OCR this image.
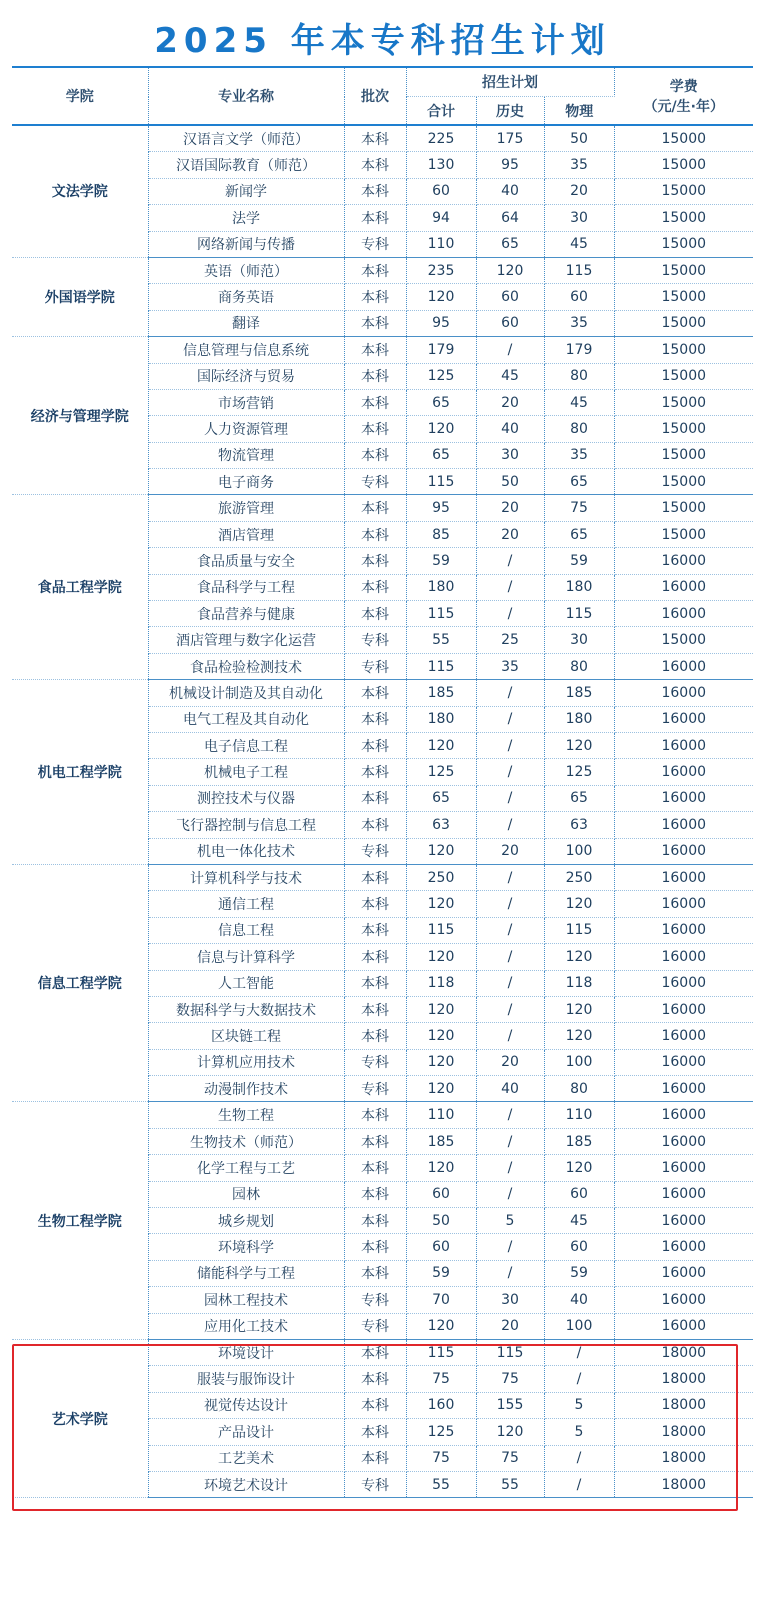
2025 年本专科招生计划
学院	专业名称	批次	招生计划			学费
（元/生·年）

			合计	历史	物理	
文法学院	汉语言文学（师范）	本科	225	175	50	15000
	汉语国际教育（师范）	本科	130	95	35	15000
	新闻学	本科	60	40	20	15000
	法学	本科	94	64	30	15000
	网络新闻与传播	专科	110	65	45	15000
外国语学院	英语（师范）	本科	235	120	115	15000
	商务英语	本科	120	60	60	15000
	翻译	本科	95	60	35	15000
经济与管理学院	信息管理与信息系统	本科	179	/	179	15000
	国际经济与贸易	本科	125	45	80	15000
	市场营销	本科	65	20	45	15000
	人力资源管理	本科	120	40	80	15000
	物流管理	本科	65	30	35	15000
	电子商务	专科	115	50	65	15000
食品工程学院	旅游管理	本科	95	20	75	15000
	酒店管理	本科	85	20	65	15000
	食品质量与安全	本科	59	/	59	16000
	食品科学与工程	本科	180	/	180	16000
	食品营养与健康	本科	115	/	115	16000
	酒店管理与数字化运营	专科	55	25	30	15000
	食品检验检测技术	专科	115	35	80	16000
机电工程学院	机械设计制造及其自动化	本科	185	/	185	16000
	电气工程及其自动化	本科	180	/	180	16000
	电子信息工程	本科	120	/	120	16000
	机械电子工程	本科	125	/	125	16000
	测控技术与仪器	本科	65	/	65	16000
	飞行器控制与信息工程	本科	63	/	63	16000
	机电一体化技术	专科	120	20	100	16000
信息工程学院	计算机科学与技术	本科	250	/	250	16000
	通信工程	本科	120	/	120	16000
	信息工程	本科	115	/	115	16000
	信息与计算科学	本科	120	/	120	16000
	人工智能	本科	118	/	118	16000
	数据科学与大数据技术	本科	120	/	120	16000
	区块链工程	本科	120	/	120	16000
	计算机应用技术	专科	120	20	100	16000
	动漫制作技术	专科	120	40	80	16000
生物工程学院	生物工程	本科	110	/	110	16000
	生物技术（师范）	本科	185	/	185	16000
	化学工程与工艺	本科	120	/	120	16000
	园林	本科	60	/	60	16000
	城乡规划	本科	50	5	45	16000
	环境科学	本科	60	/	60	16000
	储能科学与工程	本科	59	/	59	16000
	园林工程技术	专科	70	30	40	16000
	应用化工技术	专科	120	20	100	16000
艺术学院	环境设计	本科	115	115	/	18000
	服装与服饰设计	本科	75	75	/	18000
	视觉传达设计	本科	160	155	5	18000
	产品设计	本科	125	120	5	18000
	工艺美术	本科	75	75	/	18000
	环境艺术设计	专科	55	55	/	18000
